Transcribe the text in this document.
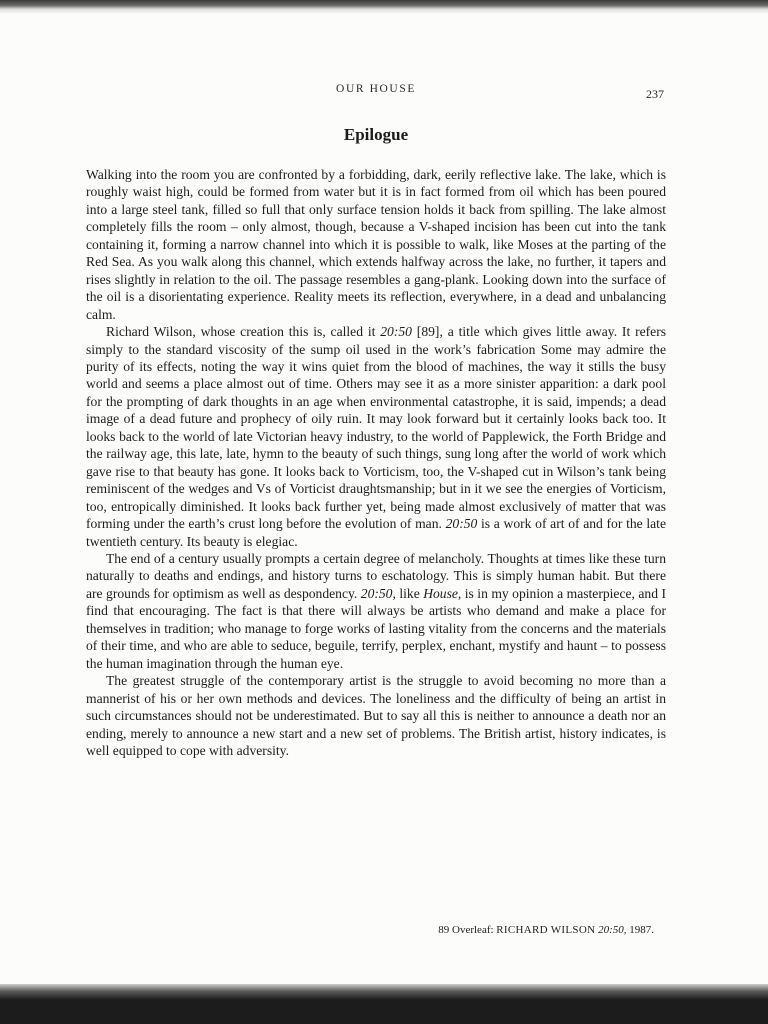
OUR HOUSE	237
Epilogue

Walking into the room you are confronted by a forbidding, dark, eerily reflective lake. The lake, which is roughly waist high, could be formed from water but it is in fact formed from oil which has been poured into a large steel tank, filled so full that only surface tension holds it back from spilling. The lake almost completely fills the room – only almost, though, because a V-shaped incision has been cut into the tank containing it, forming a narrow channel into which it is possible to walk, like Moses at the parting of the Red Sea. As you walk along this channel, which extends halfway across the lake, no further, it tapers and rises slightly in relation to the oil. The passage resembles a gang-plank. Looking down into the surface of the oil is a disorientating experience. Reality meets its reflection, everywhere, in a dead and unbalancing calm.

Richard Wilson, whose creation this is, called it 20:50 [89], a title which gives little away. It refers simply to the standard viscosity of the sump oil used in the work’s fabrication Some may admire the purity of its effects, noting the way it wins quiet from the blood of machines, the way it stills the busy world and seems a place almost out of time. Others may see it as a more sinister apparition: a dark pool for the prompting of dark thoughts in an age when environmental catastrophe, it is said, impends; a dead image of a dead future and prophecy of oily ruin. It may look forward but it certainly looks back too. It looks back to the world of late Victorian heavy industry, to the world of Papplewick, the Forth Bridge and the railway age, this late, late, hymn to the beauty of such things, sung long after the world of work which gave rise to that beauty has gone. It looks back to Vorticism, too, the V-shaped cut in Wilson’s tank being reminiscent of the wedges and Vs of Vorticist draughtsmanship; but in it we see the energies of Vorticism, too, entropically diminished. It looks back further yet, being made almost exclusively of matter that was forming under the earth’s crust long before the evolution of man. 20:50 is a work of art of and for the late twentieth century. Its beauty is elegiac.

The end of a century usually prompts a certain degree of melancholy. Thoughts at times like these turn naturally to deaths and endings, and history turns to eschatology. This is simply human habit. But there are grounds for optimism as well as despondency. 20:50, like House, is in my opinion a masterpiece, and I find that encouraging. The fact is that there will always be artists who demand and make a place for themselves in tradition; who manage to forge works of lasting vitality from the concerns and the materials of their time, and who are able to seduce, beguile, terrify, perplex, enchant, mystify and haunt – to possess the human imagination through the human eye.

The greatest struggle of the contemporary artist is the struggle to avoid becoming no more than a mannerist of his or her own methods and devices. The loneliness and the difficulty of being an artist in such circumstances should not be underestimated. But to say all this is neither to announce a death nor an ending, merely to announce a new start and a new set of problems. The British artist, history indicates, is well equipped to cope with adversity.

89 Overleaf: RICHARD WILSON 20:50, 1987.
